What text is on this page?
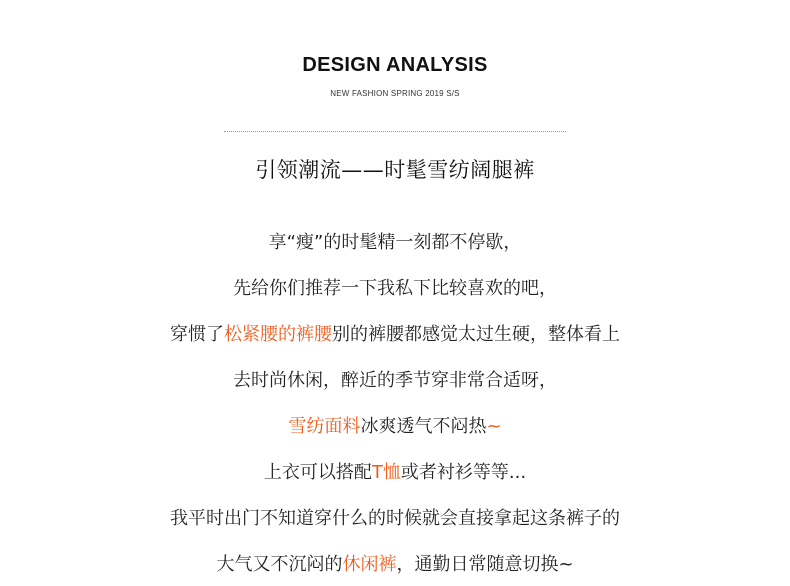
DESIGN ANALYSIS
NEW FASHION SPRING 2019 S/S
引领潮流——时髦雪纺阔腿裤
享“瘦”的时髦精一刻都不停歇，
先给你们推荐一下我私下比较喜欢的吧，
穿惯了松紧腰的裤腰别的裤腰都感觉太过生硬，整体看上
去时尚休闲，醉近的季节穿非常合适呀，
雪纺面料冰爽透气不闷热~
上衣可以搭配T恤或者衬衫等等...
我平时出门不知道穿什么的时候就会直接拿起这条裤子的
大气又不沉闷的休闲裤，通勤日常随意切换~
